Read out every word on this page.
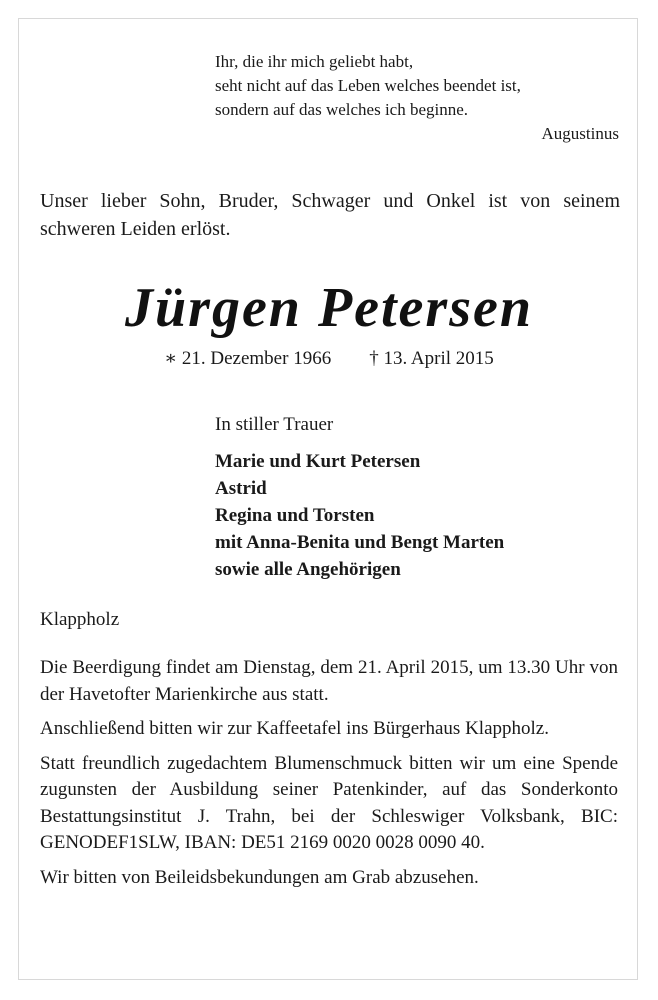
Ihr, die ihr mich geliebt habt,
seht nicht auf das Leben welches beendet ist,
sondern auf das welches ich beginne.
Augustinus
Unser lieber Sohn, Bruder, Schwager und Onkel ist von seinem schweren Leiden erlöst.
Jürgen Petersen
∗ 21. Dezember 1966 † 13. April 2015
In stiller Trauer
Marie und Kurt Petersen
Astrid
Regina und Torsten
mit Anna-Benita und Bengt Marten
sowie alle Angehörigen
Klappholz

Die Beerdigung findet am Dienstag, dem 21. April 2015, um 13.30 Uhr von der Havetofter Marienkirche aus statt.

Anschließend bitten wir zur Kaffeetafel ins Bürgerhaus Klappholz.

Statt freundlich zugedachtem Blumenschmuck bitten wir um eine Spende zugunsten der Ausbildung seiner Patenkinder, auf das Sonderkonto Bestattungsinstitut J. Trahn, bei der Schleswiger Volksbank, BIC: GENODEF1SLW, IBAN: DE51 2169 0020 0028 0090 40.

Wir bitten von Beileidsbekundungen am Grab abzusehen.
